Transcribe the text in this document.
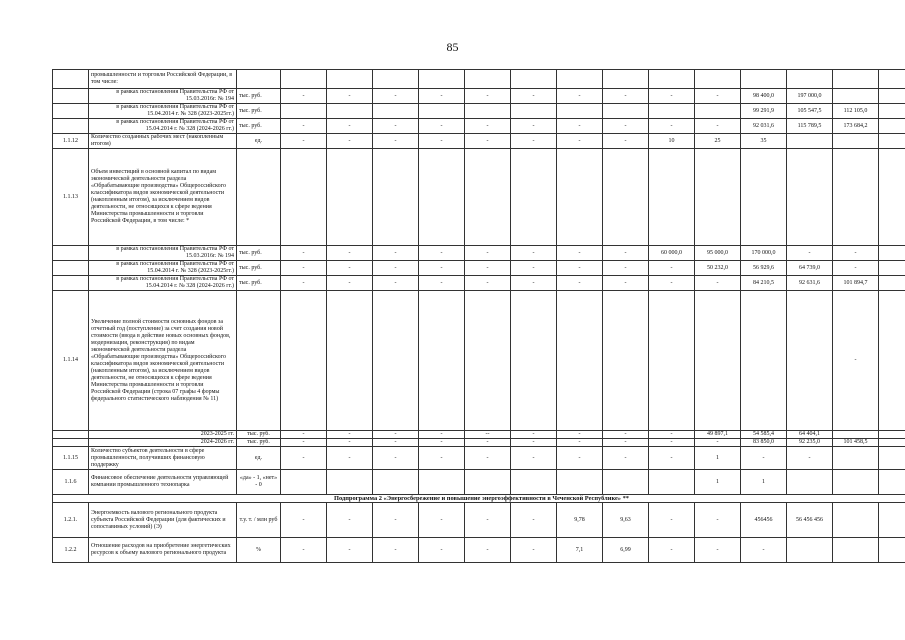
85
	промышленности и торговли Российской Федерации, в том числе:															
	в рамках постановления Правительства РФ от 15.03.2016г. № 194	тыс. руб.	-	-	-	-	-	-	-	-	-	-	98 400,0	197 000,0		
	в рамках постановления Правительства РФ от 15.04.2014 г. № 328 (2023-2025гг.)	тыс. руб.											99 291,9	105 547,5	112 105,0	
	в рамках постановления Правительства РФ от 15.04.2014 г. № 328 (2024-2026 гг.)	тыс. руб.	-	-	-	-	-	-	-	-	-	-	92 031,6	115 789,5	173 684,2	
1.1.12	Количество созданных рабочих мест (накопленным итогом)	ед.	-	-	-	-	-	-	-	-	10	25	35			
1.1.13	Объем инвестиций в основной капитал по видам экономической деятельности раздела «Обрабатывающие производства» Общероссийского классификатора видов экономической деятельности (накопленным итогом), за исключением видов деятельности, не относящихся к сфере ведения Министерства промышленности и торговли Российской Федерации, в том числе: *															
	в рамках постановления Правительства РФ от 15.03.2016г. № 194	тыс. руб.	-	-	-	-	-	-	-	-	60 000,0	95 000,0	170 000,0	-	-	
	в рамках постановления Правительства РФ от 15.04.2014 г. № 328 (2023-2025гг.)	тыс. руб.	-	-	-	-	-	-	-	-	-	50 232,0	56 929,6	64 739,0	-	
	в рамках постановления Правительства РФ от 15.04.2014 г. № 328 (2024-2026 гг.)	тыс. руб.	-	-	-	-	-	-	-	-	-	-	84 210,5	92 631,6	101 894,7	
1.1.14	Увеличение полной стоимости основных фондов за отчетный год (поступление) за счет создания новой стоимости (ввода в действие новых основных фондов, модернизация, реконструкция) по видам экономической деятельности раздела «Обрабатывающие производства» Общероссийского классификатора видов экономической деятельности (накопленным итогом), за исключением видов деятельности, не относящихся к сфере ведения Министерства промышленности и торговли Российской Федерации (строка 07 графы 4 формы федерального статистического наблюдения № 11)														-	
	2023-2025 гг.	тыс. руб.	-	-	-	-	--	-	-	-	-	49 897,1	54 585,4	64 404,1		
	2024-2026 гг.	тыс. руб.	-	-	-	-	-	-	-	-	-	-	83 850,0	92 235,0	101 458,5	
1.1.15	Количество субъектов деятельности в сфере промышленности, получивших финансовую поддержку	ед.	-	-	-	-	-	-	-	-	-	1	-	-		
1.1.6	Финансовое обеспечение деятельности управляющей компании промышленного технопарка	«да» - 1, «нет» - 0										1	1			
Подпрограмма 2 «Энергосбережение и повышение энергоэффективности в Чеченской Республике» **																
1.2.1.	Энергоемкость валового регионального продукта субъекта Российской Федерации (для фактических и сопоставимых условий) (Э)	т.у. т. / млн руб	-	-	-	-	-	-	9,78	9,63	-	-	456456	56 456 456		
1.2.2	Отношение расходов на приобретение энергетических ресурсов к объему валового регионального продукта	%	-	-	-	-	-	-	7,1	6,99	-	-	-			
